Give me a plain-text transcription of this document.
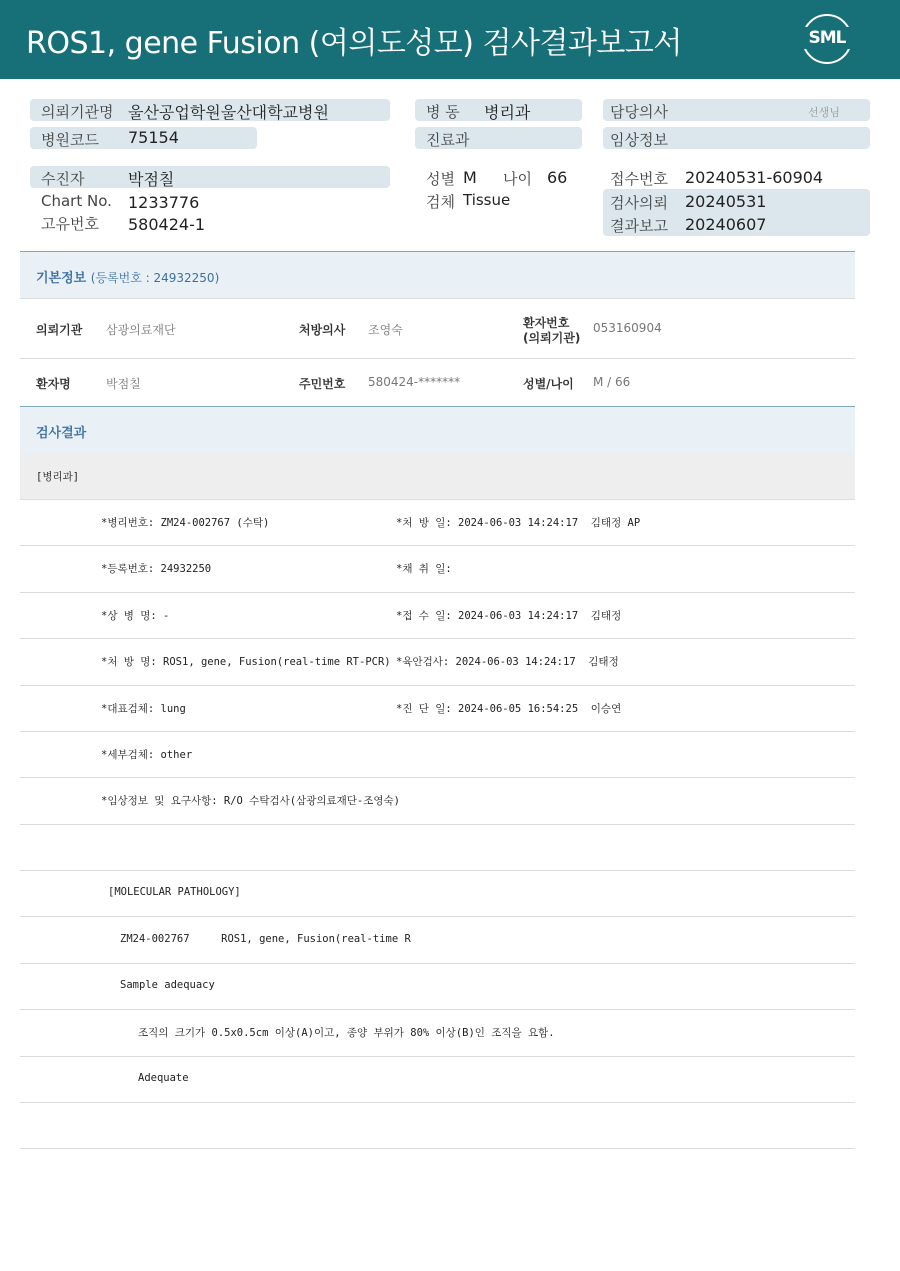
ROS1, gene Fusion (여의도성모) 검사결과보고서	SML
의뢰기관명 울산공업학원울산대학교병원
병원코드 75154
병 동 병리과
진료과
담당의사	선생님
임상정보
수진자	박점칠
Chart No. 1233776
고유번호 580424-1
성별 M 나이 66
검체 Tissue
접수번호 20240531-60904
검사의뢰 20240531
결과보고 20240607
기본정보 (등록번호 : 24932250)
의뢰기관 삼광의료재단	처방의사 조영숙	환자번호
(의뢰기관)
053160904
환자명	박점칠	주민번호 580424-*******	성별/나이 M / 66
검사결과
[병리과]
*병리번호: ZM24-002767 (수탁)	*처 방 일: 2024-06-03 14:24:17  김태정 AP
*등록번호: 24932250	*채 취 일:
*상 병 명: -	*접 수 일: 2024-06-03 14:24:17  김태정
*처 방 명: ROS1, gene, Fusion(real-time RT-PCR) *육안검사: 2024-06-03 14:24:17  김태정
*대표검체: lung	*진 단 일: 2024-06-05 16:54:25  이승연
*세부검체: other
*임상정보 및 요구사항: R/O 수탁검사(삼광의료재단-조영숙)
[MOLECULAR PATHOLOGY]
ZM24-002767     ROS1, gene, Fusion(real-time R
Sample adequacy
조직의 크기가 0.5x0.5cm 이상(A)이고, 종양 부위가 80% 이상(B)인 조직을 요함.
Adequate
